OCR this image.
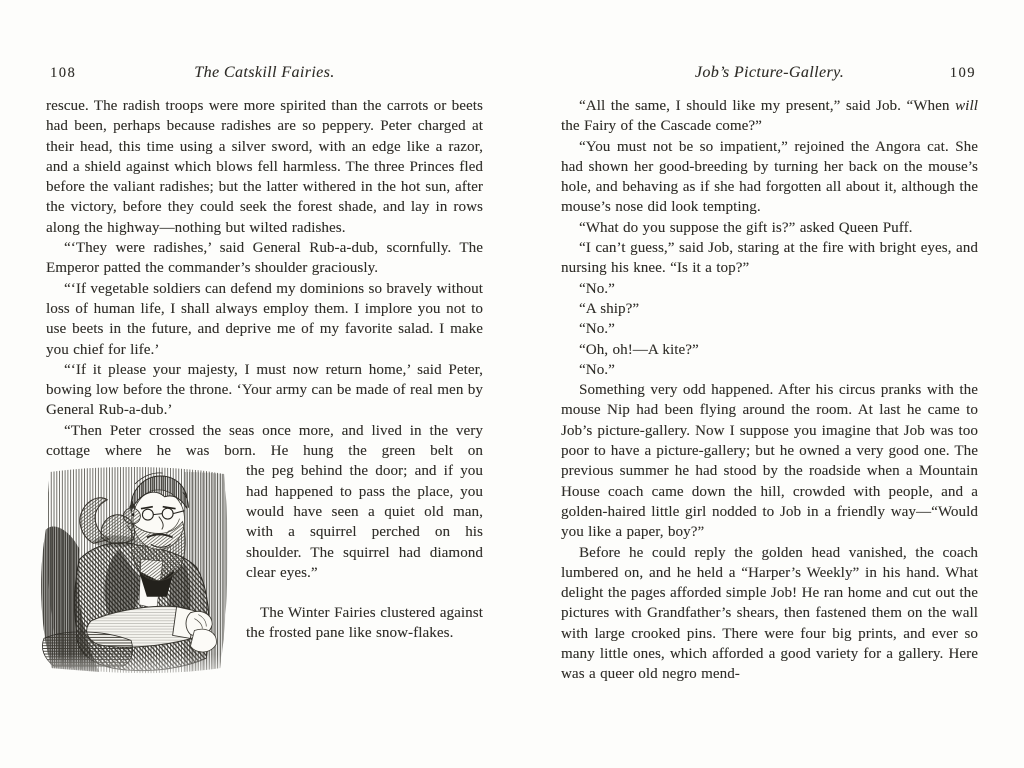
108	The Catskill Fairies.

rescue. The radish troops were more spirited than the carrots or beets had been, perhaps because radishes are so peppery. Peter charged at their head, this time using a silver sword, with an edge like a razor, and a shield against which blows fell harmless. The three Princes fled before the valiant radishes; but the latter withered in the hot sun, after the victory, before they could seek the forest shade, and lay in rows along the highway—nothing but wilted radishes.

“‘They were radishes,’ said General Rub-a-dub, scornfully. The Emperor patted the commander’s shoulder graciously.

“‘If vegetable soldiers can defend my dominions so bravely without loss of human life, I shall always employ them. I implore you not to use beets in the future, and deprive me of my favorite salad. I make you chief for life.’

“‘If it please your majesty, I must now return home,’ said Peter, bowing low before the throne. ‘Your army can be made of real men by General Rub-a-dub.’

“Then Peter crossed the seas once more, and lived in the very cottage where he was born. He hung the green belt on

the peg behind the door; and if you had happened to pass the place, you would have seen a quiet old man, with a squirrel perched on his shoulder. The squirrel had diamond clear eyes.”

The Winter Fairies clustered against the frosted pane like snow-flakes.

Job’s Picture-Gallery.	109

“All the same, I should like my present,” said Job. “When will the Fairy of the Cascade come?”

“You must not be so impatient,” rejoined the Angora cat. She had shown her good-breeding by turning her back on the mouse’s hole, and behaving as if she had forgotten all about it, although the mouse’s nose did look tempting.

“What do you suppose the gift is?” asked Queen Puff.

“I can’t guess,” said Job, staring at the fire with bright eyes, and nursing his knee. “Is it a top?”

“No.”

“A ship?”

“No.”

“Oh, oh!—A kite?”

“No.”

Something very odd happened. After his circus pranks with the mouse Nip had been flying around the room. At last he came to Job’s picture-gallery. Now I suppose you imagine that Job was too poor to have a picture-gallery; but he owned a very good one. The previous summer he had stood by the roadside when a Mountain House coach came down the hill, crowded with people, and a golden-haired little girl nodded to Job in a friendly way—“Would you like a paper, boy?”

Before he could reply the golden head vanished, the coach lumbered on, and he held a “Harper’s Weekly” in his hand. What delight the pages afforded simple Job! He ran home and cut out the pictures with Grandfather’s shears, then fastened them on the wall with large crooked pins. There were four big prints, and ever so many little ones, which afforded a good variety for a gallery. Here was a queer old negro mend-
